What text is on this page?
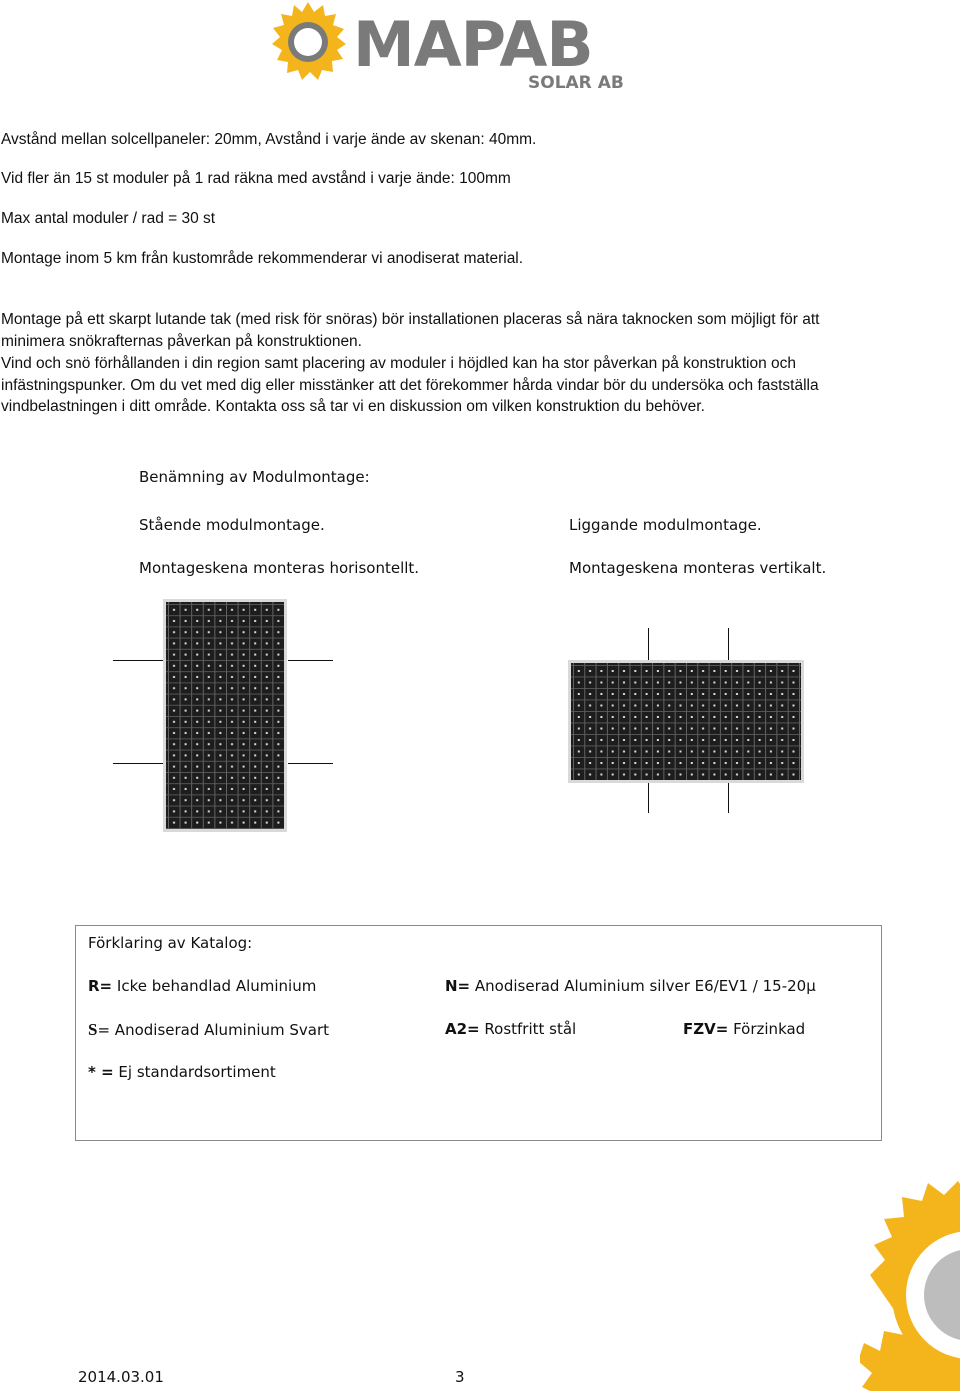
MAPAB
SOLAR AB

Avstånd mellan solcellpaneler: 20mm, Avstånd i varje ände av skenan: 40mm.

Vid fler än 15 st moduler på 1 rad räkna med avstånd i varje ände: 100mm

Max antal moduler / rad = 30 st

Montage inom 5 km från kustområde rekommenderar vi anodiserat material.

Montage på ett skarpt lutande tak (med risk för snöras) bör installationen placeras så nära taknocken som möjligt för att

minimera snökrafternas påverkan på konstruktionen.

Vind och snö förhållanden i din region samt placering av moduler i höjdled kan ha stor påverkan på konstruktion och

infästningspunker. Om du vet med dig eller misstänker att det förekommer hårda vindar bör du undersöka och fastställa

vindbelastningen i ditt område. Kontakta oss så tar vi en diskussion om vilken konstruktion du behöver.

Benämning av Modulmontage:
Stående modulmontage.
Montageskena monteras horisontellt.
Liggande modulmontage.
Montageskena monteras vertikalt.
Förklaring av Katalog:
R= Icke behandlad Aluminium	N= Anodiserad Aluminium silver E6/EV1 / 15-20µ
S= Anodiserad Aluminium Svart	A2= Rostfritt stål	FZV= Förzinkad
* = Ej standardsortiment
2014.03.01	3
